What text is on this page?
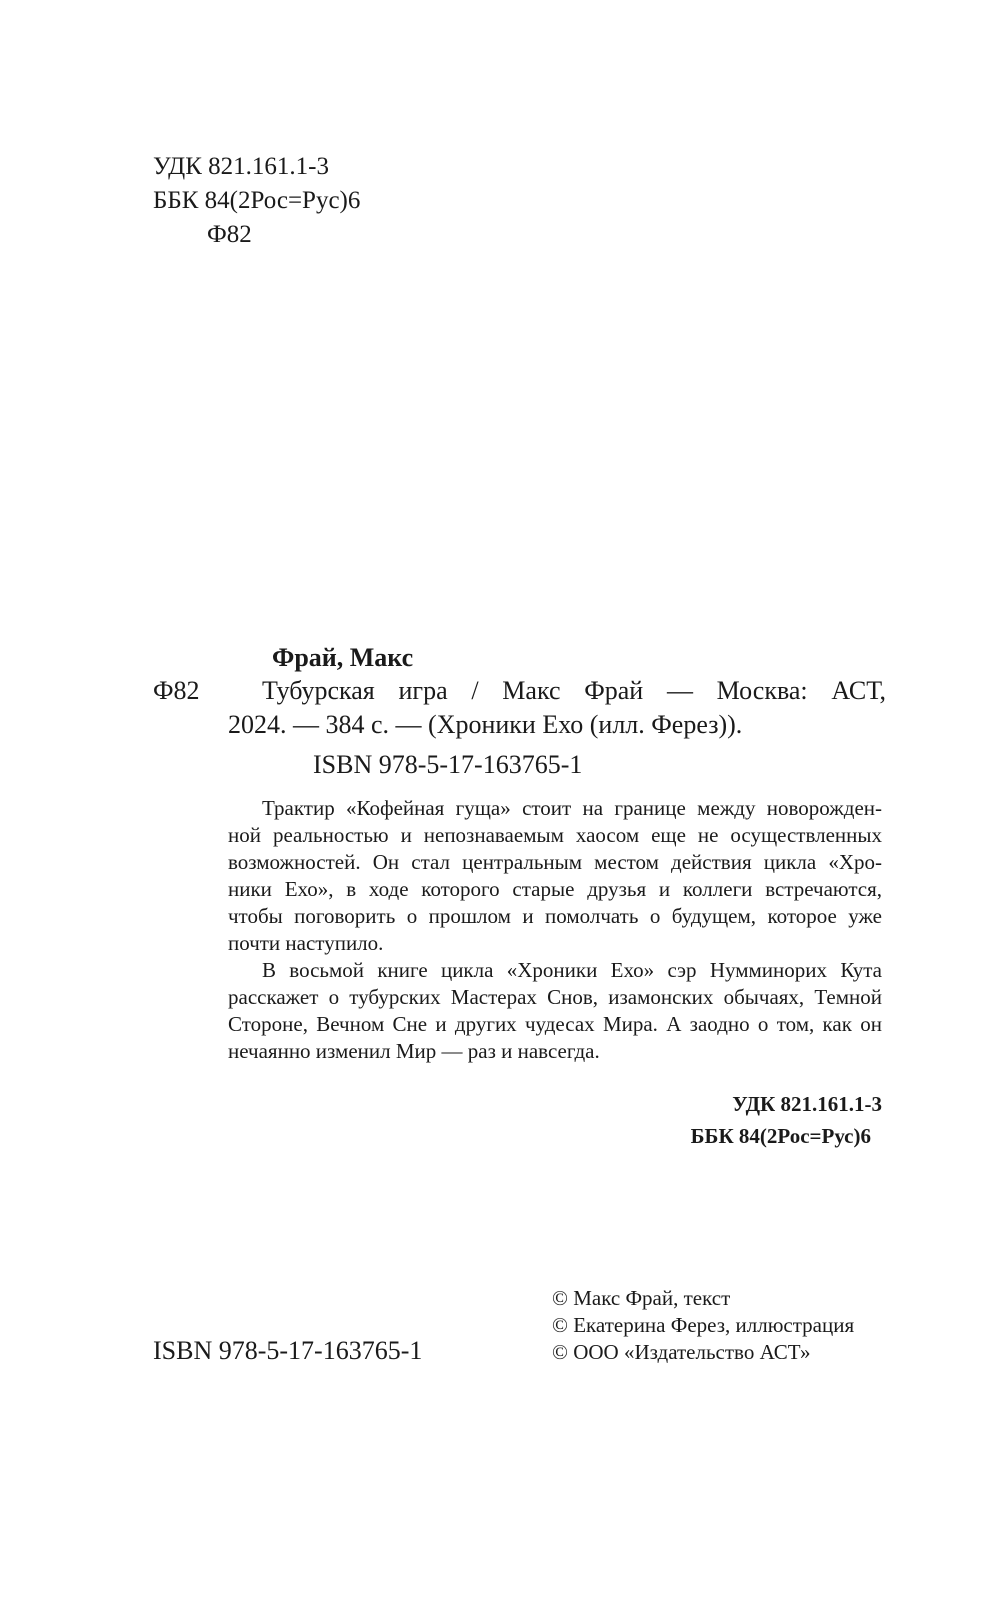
УДК 821.161.1-3
ББК 84(2Рос=Рус)6
Ф82
Фрай, Макс
Ф82 Тубурская игра / Макс Фрай — Москва: АСТ,
2024. — 384 с. — (Хроники Ехо (илл. Ферез)).
ISBN 978-5-17-163765-1
Трактир «Кофейная гуща» стоит на границе между новорожден-
ной реальностью и непознаваемым хаосом еще не осуществленных
возможностей. Он стал центральным местом действия цикла «Хро-
ники Ехо», в ходе которого старые друзья и коллеги встречаются,
чтобы поговорить о прошлом и помолчать о будущем, которое уже
почти наступило.
В восьмой книге цикла «Хроники Ехо» сэр Нумминорих Кута
расскажет о тубурских Мастерах Снов, изамонских обычаях, Темной
Стороне, Вечном Сне и других чудесах Мира. А заодно о том, как он
нечаянно изменил Мир — раз и навсегда.
УДК 821.161.1-3
ББК 84(2Рос=Рус)6
ISBN 978-5-17-163765-1
© Макс Фрай, текст
© Екатерина Ферез, иллюстрация
© ООО «Издательство АСТ»
